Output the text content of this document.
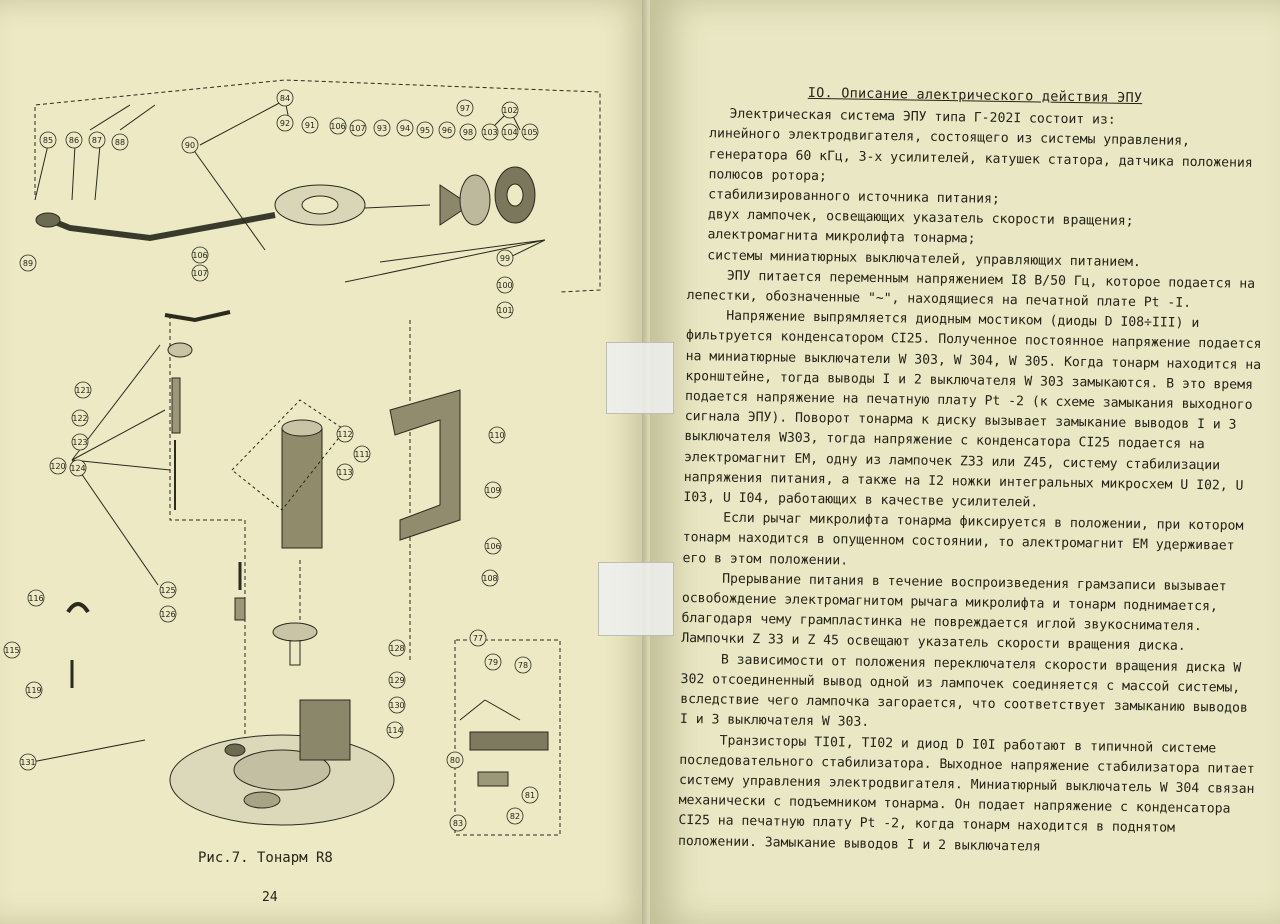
84
92 91 106 107 93 94 95 96
97
98
102
103 104 105
85 86 87 88	90
89
106
107
99
100
101
121
122
123
120 124
112
111
113
110
109
106
108
125
126
116
115
119
128
129
130
114
131
77
79 78
80
81
83
82
Рис.7. Тонарм R8
24
IO. Описание алектрического действия ЭПУ

Электрическая система ЭПУ типа Г-202I состоит из:

линейного электродвигателя, состоящего из системы управления, генератора 60 кГц, 3-х усилителей, катушек статора, датчика положения полюсов ротора;

стабилизированного источника питания;

двух лампочек, освещающих указатель скорости вращения;

алектромагнита микролифта тонарма;

системы миниатюрных выключателей, управляющих питанием.

ЭПУ питается переменным напряжением I8 В/50 Гц, которое подается на лепестки, обозначенные "~", находящиеся на печатной плате Pt -I.

Напряжение выпрямляется диодным мостиком (диоды D I08÷III) и фильтруется конденсатором CI25. Полученное постоянное напряжение подается на миниатюрные выключатели W 303, W 304, W 305. Когда тонарм находится на кронштейне, тогда выводы I и 2 выключателя W 303 замыкаются. В это время подается напряжение на печатную плату Pt -2 (к схеме замыкания выходного сигнала ЭПУ). Поворот тонарма к диску вызывает замыкание выводов I и 3 выключателя W303, тогда напряжение с конденсатора CI25 подается на электромагнит EM, одну из лампочек Z33 или Z45, систему стабилизации напряжения питания, а также на I2 ножки интегральных микросхем U I02, U I03, U I04, работающих в качестве усилителей.

Если рычаг микролифта тонарма фиксируется в положении, при котором тонарм находится в опущенном состоянии, то алектромагнит EM удерживает его в этом положении.

Прерывание питания в течение воспроизведения грамзаписи вызывает освобождение электромагнитом рычага микролифта и тонарм поднимается, благодаря чему грампластинка не повреждается иглой звукоснимателя. Лампочки Z 33 и Z 45 освещают указатель скорости вращения диска.

В зависимости от положения переключателя скорости вращения диска W 302 отсоединенный вывод одной из лампочек соединяется с массой системы, вследствие чего лампочка загорается, что соответствует замыканию выводов I и 3 выключателя W 303.

Транзисторы TI0I, TI02 и диод D I0I работают в типичной системе последовательного стабилизатора. Выходное напряжение стабилизатора питает систему управления электродвигателя. Миниатюрный выключатель W 304 связан механически с подъемником тонарма. Он подает напряжение с конденсатора CI25 на печатную плату Pt -2, когда тонарм находится в поднятом положении. Замыкание выводов I и 2 выключателя
